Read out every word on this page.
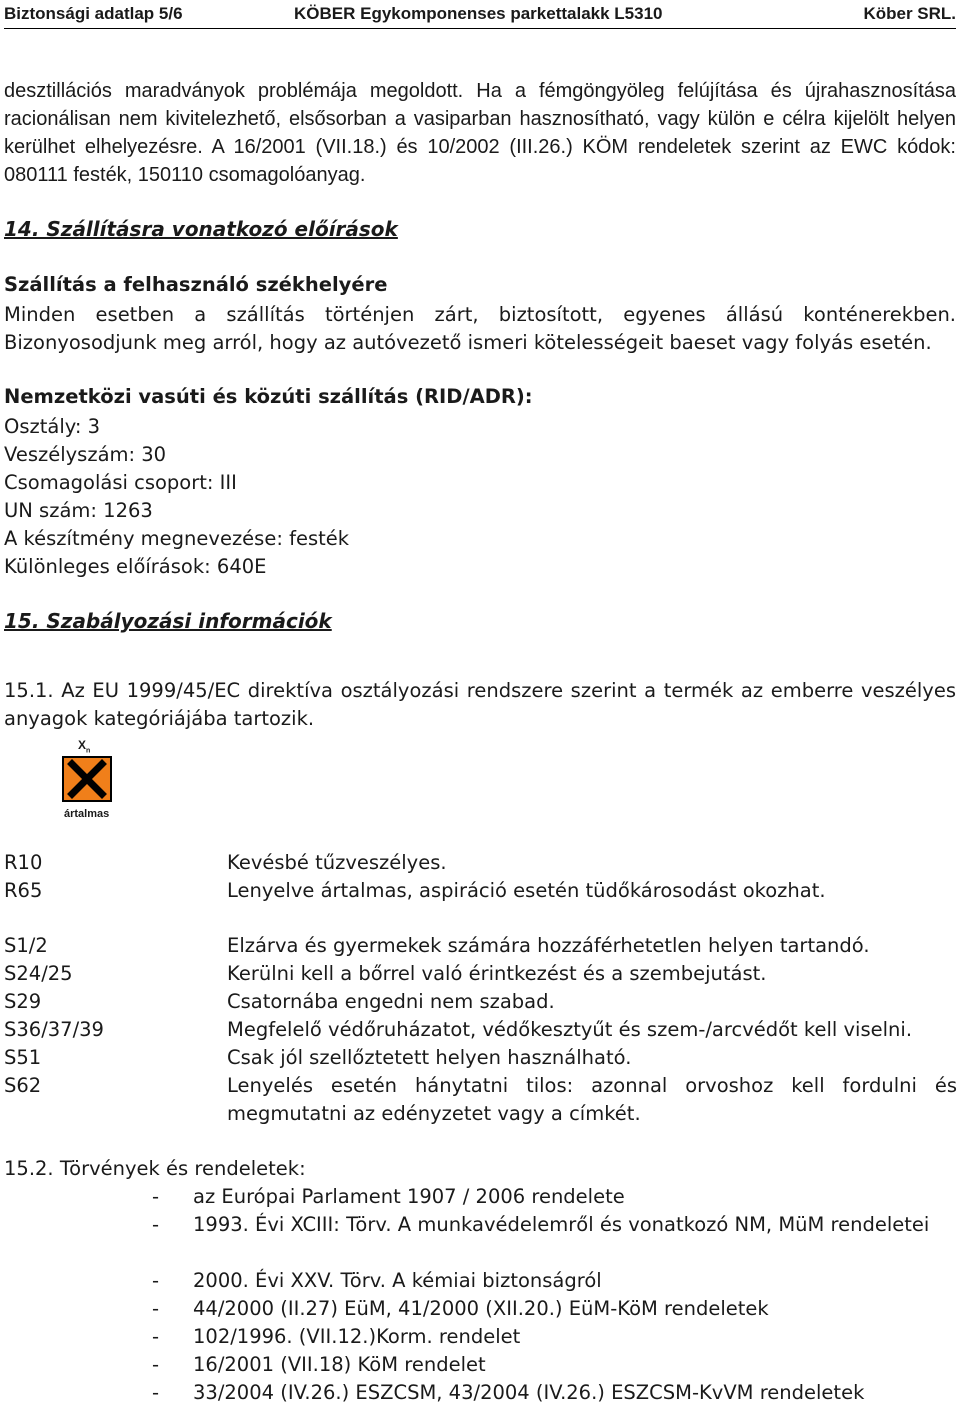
Biztonsági adatlap 5/6	KÖBER Egykomponenses parkettalakk L5310	Köber SRL.
desztillációs maradványok problémája megoldott. Ha a fémgöngyöleg felújítása és újrahasznosítása racionálisan nem kivitelezhető, elsősorban a vasiparban hasznosítható, vagy külön e célra kijelölt helyen kerülhet elhelyezésre. A 16/2001 (VII.18.) és 10/2002 (III.26.) KÖM rendeletek szerint az EWC kódok: 080111 festék, 150110 csomagolóanyag.
14. Szállításra vonatkozó előírások
Szállítás a felhasználó székhelyére
Minden esetben a szállítás történjen zárt, biztosított, egyenes állású konténerekben. Bizonyosodjunk meg arról, hogy az autóvezető ismeri kötelességeit baeset vagy folyás esetén.
Nemzetközi vasúti és közúti szállítás (RID/ADR):
Osztály: 3
Veszélyszám: 30
Csomagolási csoport: III
UN szám: 1263
A készítmény megnevezése: festék
Különleges előírások: 640E
15. Szabályozási információk
15.1. Az EU 1999/45/EC direktíva osztályozási rendszere szerint a termék az emberre veszélyes anyagok kategóriájába tartozik.
$X_n$
ártalmas
R10	Kevésbé tűzveszélyes.
R65	Lenyelve ártalmas, aspiráció esetén tüdőkárosodást okozhat.
S1/2	Elzárva és gyermekek számára hozzáférhetetlen helyen tartandó.
S24/25	Kerülni kell a bőrrel való érintkezést és a szembejutást.
S29	Csatornába engedni nem szabad.
S36/37/39	Megfelelő védőruházatot, védőkesztyűt és szem-/arcvédőt kell viselni.
S51	Csak jól szellőztetett helyen használható.
S62	Lenyelés esetén hánytatni tilos: azonnal orvoshoz kell fordulni és megmutatni az edényzetet vagy a címkét.
15.2. Törvények és rendeletek:
- az Európai Parlament 1907 / 2006 rendelete
- 1993. Évi XCIII: Törv. A munkavédelemről és vonatkozó NM, MüM rendeletei
- 2000. Évi XXV. Törv. A kémiai biztonságról
- 44/2000 (II.27) EüM, 41/2000 (XII.20.) EüM-KöM rendeletek
- 102/1996. (VII.12.)Korm. rendelet
- 16/2001 (VII.18) KöM rendelet
- 33/2004 (IV.26.) ESZCSM, 43/2004 (IV.26.) ESZCSM-KvVM rendeletek
